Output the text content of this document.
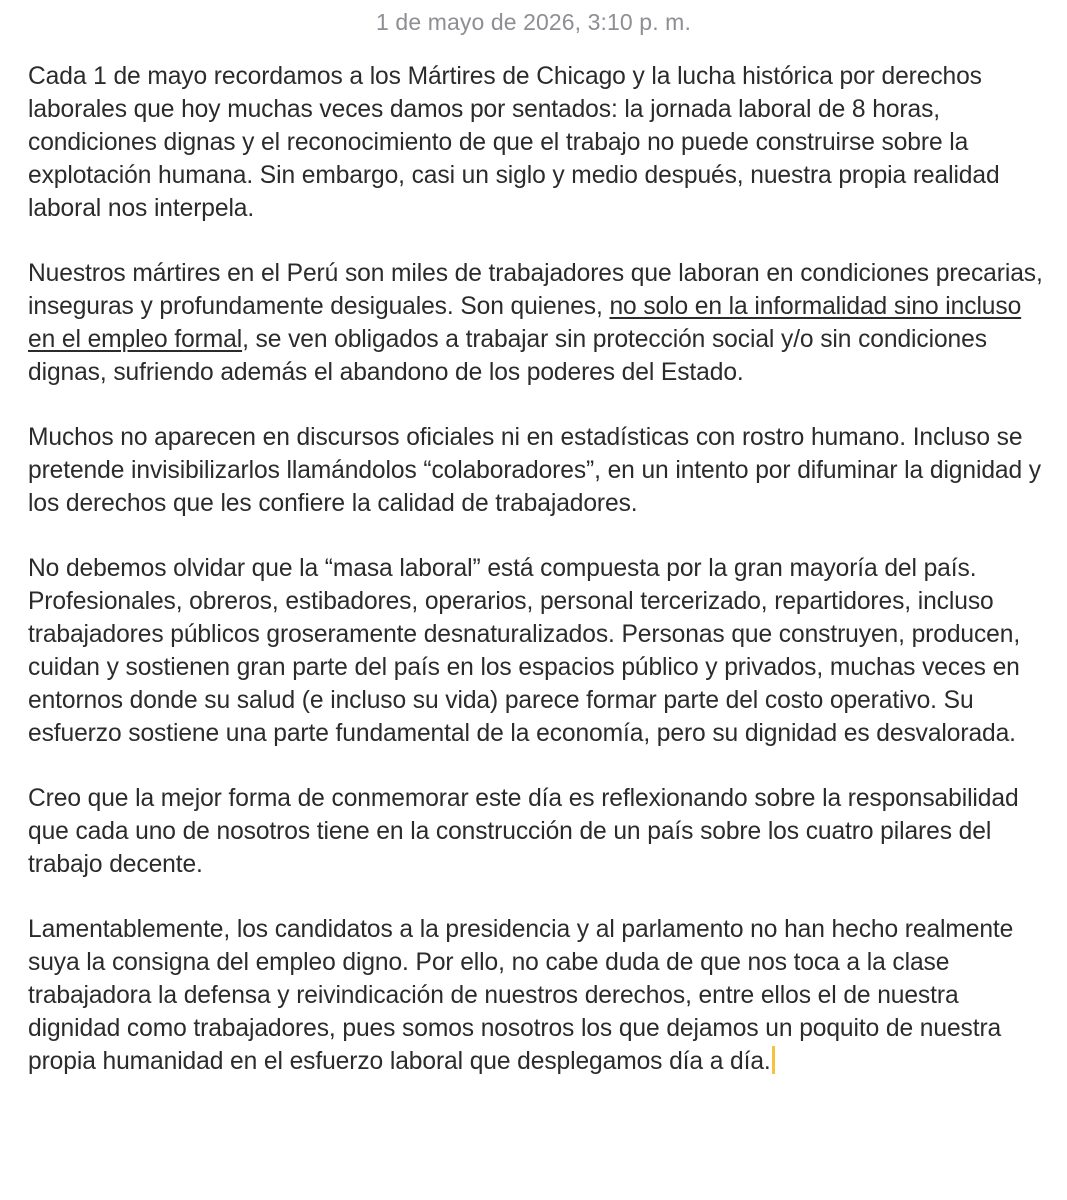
1 de mayo de 2026, 3:10 p. m.

Cada 1 de mayo recordamos a los Mártires de Chicago y la lucha histórica por derechos laborales que hoy muchas veces damos por sentados: la jornada laboral de 8 horas, condiciones dignas y el reconocimiento de que el trabajo no puede construirse sobre la explotación humana. Sin embargo, casi un siglo y medio después, nuestra propia realidad laboral nos interpela.

Nuestros mártires en el Perú son miles de trabajadores que laboran en condiciones precarias, inseguras y profundamente desiguales. Son quienes, no solo en la informalidad sino incluso en el empleo formal, se ven obligados a trabajar sin protección social y/o sin condiciones dignas, sufriendo además el abandono de los poderes del Estado.

Muchos no aparecen en discursos oficiales ni en estadísticas con rostro humano. Incluso se pretende invisibilizarlos llamándolos “colaboradores”, en un intento por difuminar la dignidad y los derechos que les confiere la calidad de trabajadores.

No debemos olvidar que la “masa laboral” está compuesta por la gran mayoría del país. Profesionales, obreros, estibadores, operarios, personal tercerizado, repartidores, incluso trabajadores públicos groseramente desnaturalizados. Personas que construyen, producen, cuidan y sostienen gran parte del país en los espacios público y privados, muchas veces en entornos donde su salud (e incluso su vida) parece formar parte del costo operativo. Su esfuerzo sostiene una parte fundamental de la economía, pero su dignidad es desvalorada.

Creo que la mejor forma de conmemorar este día es reflexionando sobre la responsabilidad que cada uno de nosotros tiene en la construcción de un país sobre los cuatro pilares del trabajo decente.

Lamentablemente, los candidatos a la presidencia y al parlamento no han hecho realmente suya la consigna del empleo digno. Por ello, no cabe duda de que nos toca a la clase trabajadora la defensa y reivindicación de nuestros derechos, entre ellos el de nuestra dignidad como trabajadores, pues somos nosotros los que dejamos un poquito de nuestra propia humanidad en el esfuerzo laboral que desplegamos día a día.
